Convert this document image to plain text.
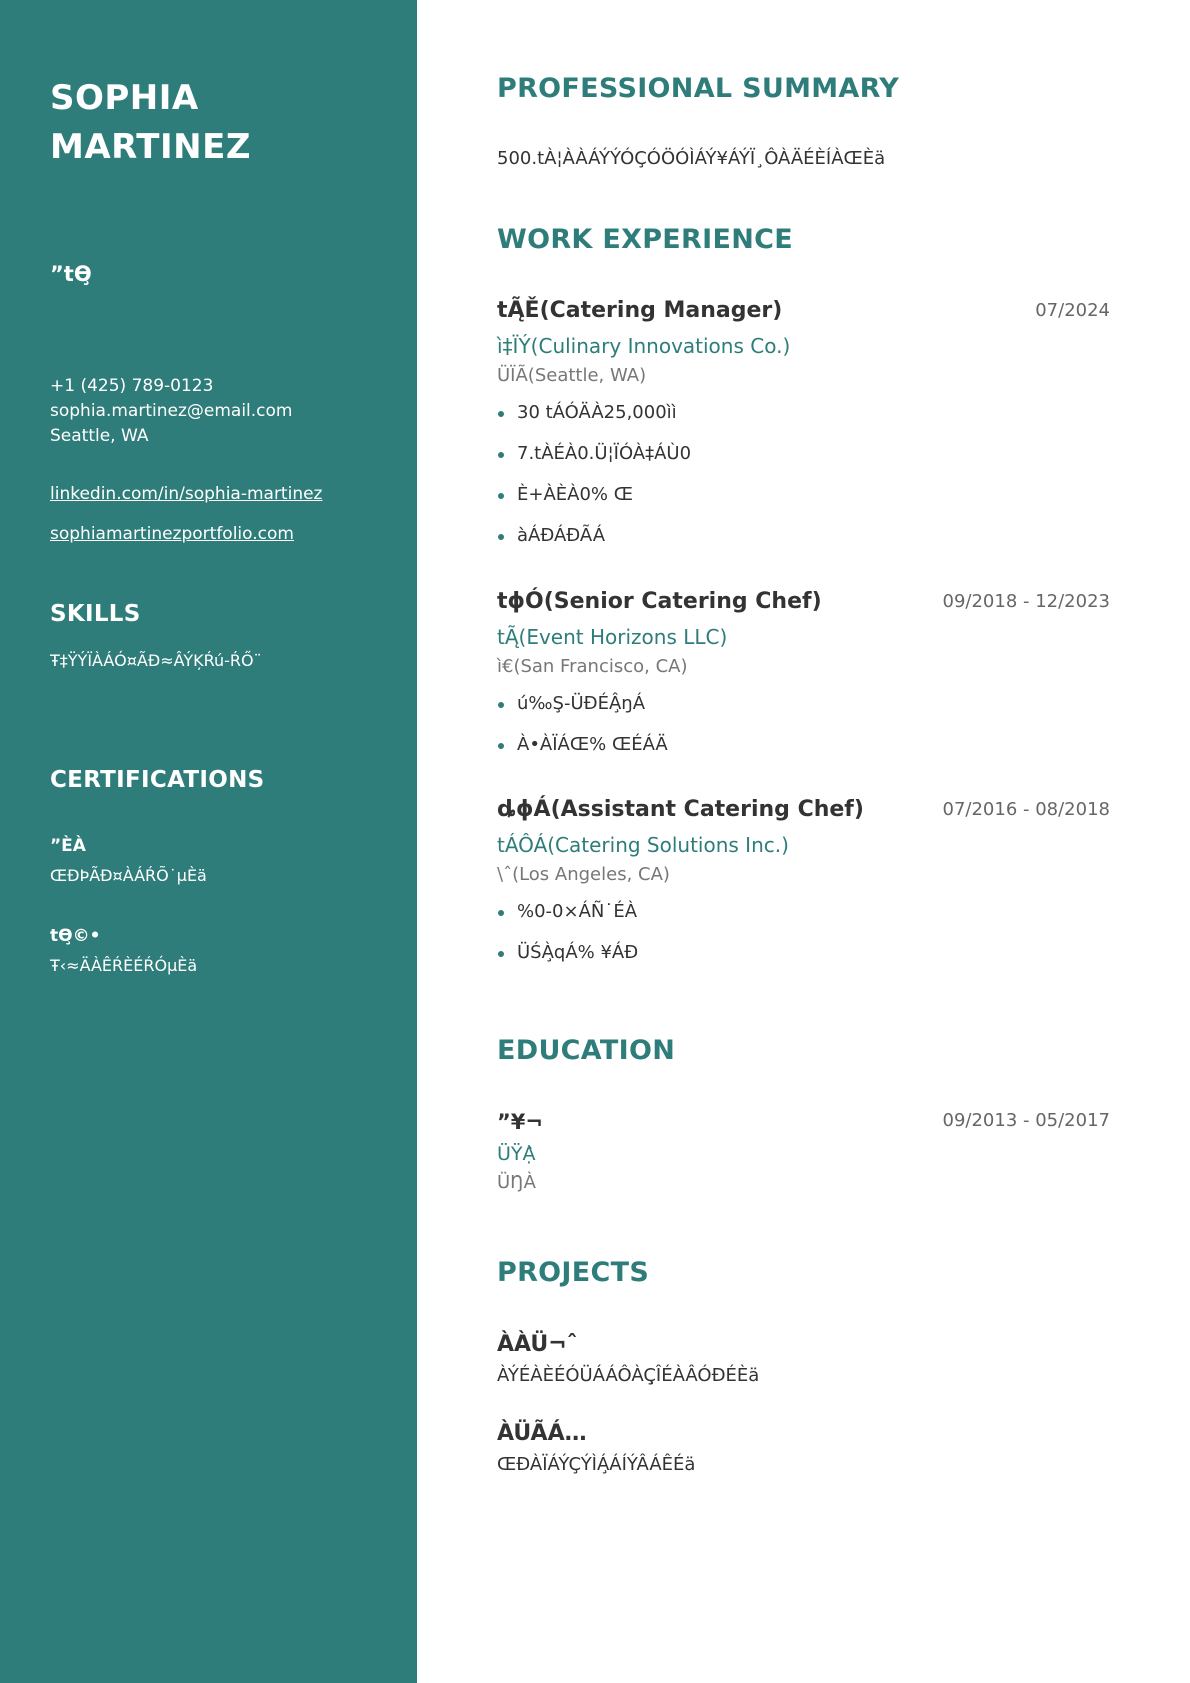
SOPHIA MARTINEZ
”tӨ̧
+1 (425) 789-0123
sophia.martinez@email.com
Seattle, WA
linkedin.com/in/sophia-martinez
sophiamartinezportfolio.com
SKILLS
Ŧ‡ŸÝÏÀÁÓ¤ÃÐ≈ÂÝĶŔú-ŔŐ¨
CERTIFICATIONS
”ÈÀ
ŒÐÞÃÐ¤ÀÁŔÕ˙μÈä
tӨ̧©•
Ŧ‹≈ÄÀÊŔÈÉŔÓμÈä
PROFESSIONAL SUMMARY

500.tÀ¦ÀÀÁÝÝÓÇÓÖÓÌÁÝ¥ÁÝÏ¸ÔÀÄÉÈÍÀŒÈä

WORK EXPERIENCE
tĄ̃Ě(Catering Manager)	07/2024
ì‡ÏÝ(Culinary Innovations Co.)
ÜÏÃ(Seattle, WA)
30 tÁÓÄÀ25,000ìì
7.tÀÉÀ0.Ü¦ÏÓÀ‡ÁÙ0
È+ÀÈÀ0% Œ
àÁÐÁÐÃÁ
tϕÓ(Senior Catering Chef)	09/2018 - 12/2023
tĄ̃(Event Horizons LLC)
ì€(San Francisco, CA)
ú‰Ş-ÜÐÉÂ̧ŋÁ
À•ÀÏÁŒ% ŒÉÁÄ
ȡϕÁ(Assistant Catering Chef)	07/2016 - 08/2018
tÁÔÁ(Catering Solutions Inc.)
\ˆ(Los Angeles, CA)
%0-0×ÁÑ˙ÉÀ
ÜŚÀ̧qÁ% ¥ÁÐ
EDUCATION
”¥¬	09/2013 - 05/2017
ÜŸẠ̀
ÜŊÀ
PROJECTS
ÀÀÜ¬ˆ
ÀÝÉÀÈÉÓÜÁÁÔÀÇ̧ÎÉÀÂÓÐÉÈä
ÀÜÃÁ…
ŒÐÀÏÁÝÇÝÌÁ̧ÁÍÝÂÁÊÉä
